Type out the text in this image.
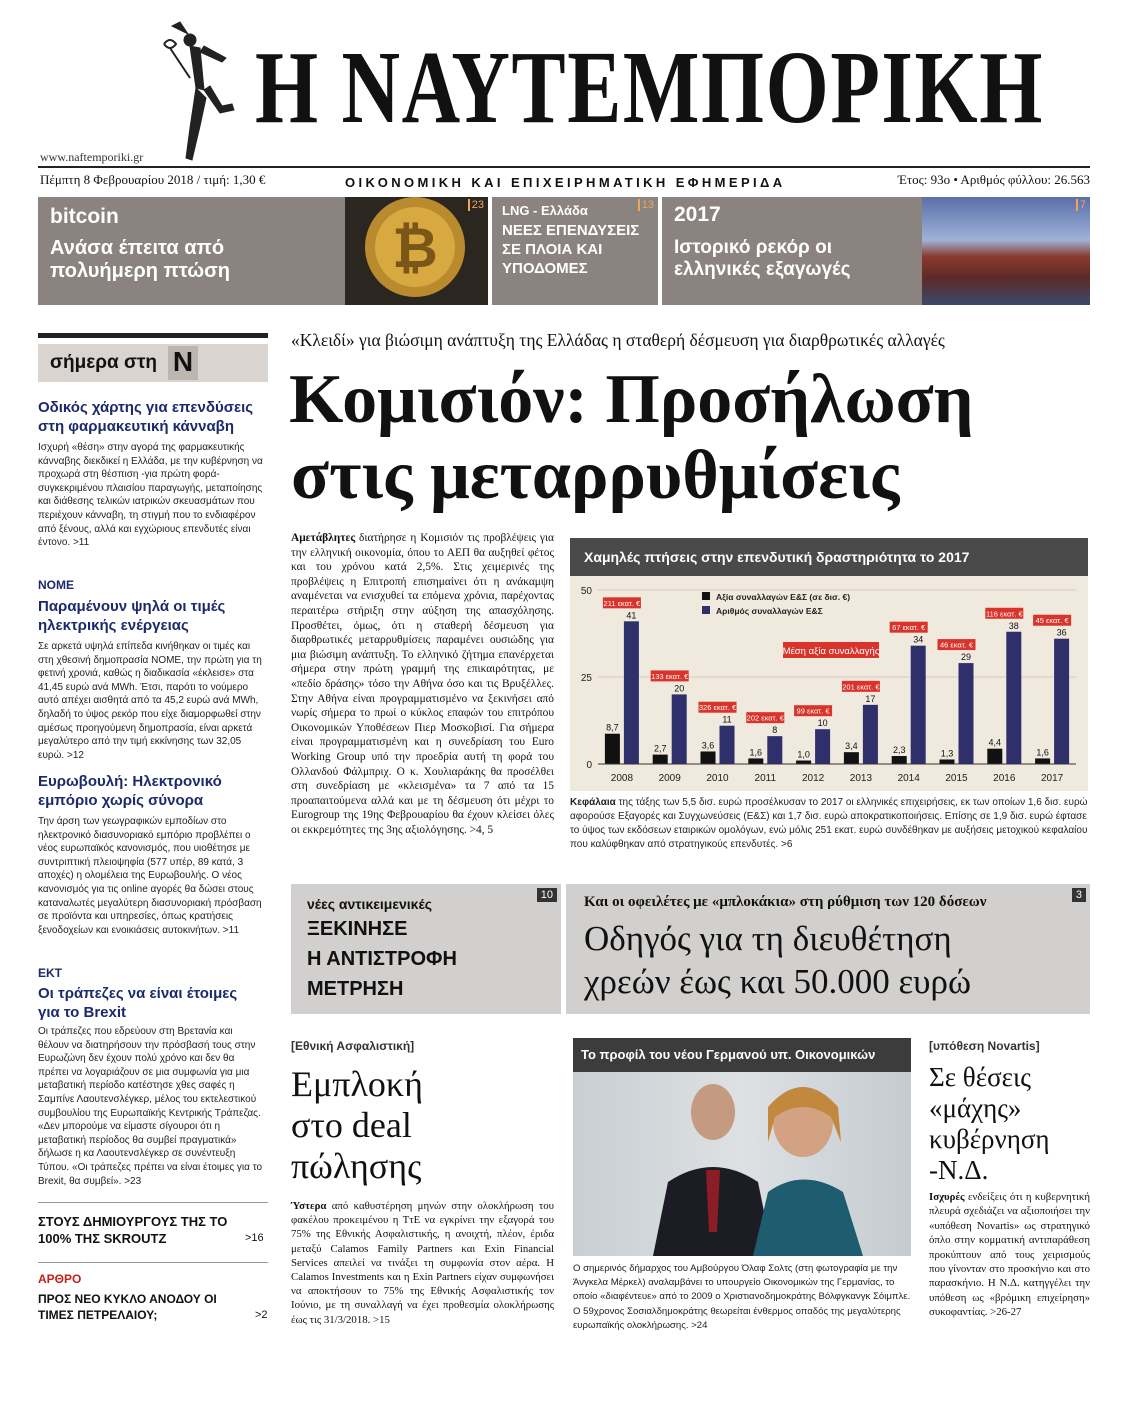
Η ΝΑΥΤΕΜΠΟΡΙΚΗ
www.naftemporiki.gr
Πέμπτη 8 Φεβρουαρίου 2018 / τιμή: 1,30 €	ΟΙΚΟΝΟΜΙΚΗ ΚΑΙ ΕΠΙΧΕΙΡΗΜΑΤΙΚΗ ΕΦΗΜΕΡΙΔΑ	Έτος: 93ο • Αριθμός φύλλου: 26.563
bitcoin
Ανάσα έπειτα από πολυήμερη πτώση	₿
23 LNG - Ελλάδα
ΝΕΕΣ ΕΠΕΝΔΥΣΕΙΣ ΣΕ ΠΛΟΙΑ ΚΑΙ ΥΠΟΔΟΜΕΣ
13 2017
Ιστορικό ρεκόρ οι ελληνικές εξαγωγές
7
σήμερα στη Ν
Οδικός χάρτης για επενδύσεις στη φαρμακευτική κάνναβη
Ισχυρή «θέση» στην αγορά της φαρμακευτικής κάνναβης διεκδικεί η Ελλάδα, με την κυβέρνηση να προχωρά στη θέσπιση -για πρώτη φορά- συγκεκριμένου πλαισίου παραγωγής, μεταποίησης και διάθεσης τελικών ιατρικών σκευασμάτων που περιέχουν κάνναβη, τη στιγμή που το ενδιαφέρον από ξένους, αλλά και εγχώριους επενδυτές είναι έντονο. >11
ΝΟΜΕ
Παραμένουν ψηλά οι τιμές ηλεκτρικής ενέργειας
Σε αρκετά υψηλά επίπεδα κινήθηκαν οι τιμές και στη χθεσινή δημοπρασία ΝΟΜΕ, την πρώτη για τη φετινή χρονιά, καθώς η διαδικασία «έκλεισε» στα 41,45 ευρώ ανά MWh. Έτσι, παρότι το νούμερο αυτό απέχει αισθητά από τα 45,2 ευρώ ανά MWh, δηλαδή το ύψος ρεκόρ που είχε διαμορφωθεί στην αμέσως προηγούμενη δημοπρασία, είναι αρκετά μεγαλύτερο από την τιμή εκκίνησης των 32,05 ευρώ. >12
Ευρωβουλή: Ηλεκτρονικό εμπόριο χωρίς σύνορα
Την άρση των γεωγραφικών εμποδίων στο ηλεκτρονικό διασυνοριακό εμπόριο προβλέπει ο νέος ευρωπαϊκός κανονισμός, που υιοθέτησε με συντριπτική πλειοψηφία (577 υπέρ, 89 κατά, 3 αποχές) η ολομέλεια της Ευρωβουλής. Ο νέος κανονισμός για τις online αγορές θα δώσει στους καταναλωτές μεγαλύτερη διασυνοριακή πρόσβαση σε προϊόντα και υπηρεσίες, όπως κρατήσεις ξενοδοχείων και ενοικιάσεις αυτοκινήτων. >11
ΕΚΤ
Οι τράπεζες να είναι έτοιμες για το Brexit
Οι τράπεζες που εδρεύουν στη Βρετανία και θέλουν να διατηρήσουν την πρόσβασή τους στην Ευρωζώνη δεν έχουν πολύ χρόνο και δεν θα πρέπει να λογαριάζουν σε μια συμφωνία για μια μεταβατική περίοδο κατέστησε χθες σαφές η Σαμπίνε Λαουτενσλέγκερ, μέλος του εκτελεστικού συμβουλίου της Ευρωπαϊκής Κεντρικής Τράπεζας. «Δεν μπορούμε να είμαστε σίγουροι ότι η μεταβατική περίοδος θα συμβεί πραγματικά» δήλωσε η κα Λαουτενσλέγκερ σε συνέντευξη Τύπου. «Οι τράπεζες πρέπει να είναι έτοιμες για το Brexit, θα συμβεί». >23
ΣΤΟΥΣ ΔΗΜΙΟΥΡΓΟΥΣ ΤΗΣ ΤΟ 100% ΤΗΣ SKROUTZ	>16
ΑΡΘΡΟ
ΠΡΟΣ ΝΕΟ ΚΥΚΛΟ ΑΝΟΔΟΥ ΟΙ ΤΙΜΕΣ ΠΕΤΡΕΛΑΙΟΥ;	>2
«Κλειδί» για βιώσιμη ανάπτυξη της Ελλάδας η σταθερή δέσμευση για διαρθρωτικές αλλαγές
Κομισιόν: Προσήλωση
στις μεταρρυθμίσεις
Αμετάβλητες διατήρησε η Κομισιόν τις προβλέψεις για την ελληνική οικονομία, όπου το ΑΕΠ θα αυξηθεί φέτος και του χρόνου κατά 2,5%. Στις χειμερινές της προβλέψεις η Επιτροπή επισημαίνει ότι η ανάκαμψη αναμένεται να ενισχυθεί τα επόμενα χρόνια, παρέχοντας περαιτέρω στήριξη στην αύξηση της απασχόλησης. Προσθέτει, όμως, ότι η σταθερή δέσμευση για διαρθρωτικές μεταρρυθμίσεις παραμένει ουσιώδης για μια βιώσιμη ανάπτυξη. Το ελληνικό ζήτημα επανέρχεται σήμερα στην πρώτη γραμμή της επικαιρότητας, με «πεδίο δράσης» τόσο την Αθήνα όσο και τις Βρυξέλλες. Στην Αθήνα είναι προγραμματισμένο να ξεκινήσει από νωρίς σήμερα το πρωί ο κύκλος επαφών του επιτρόπου Οικονομικών Υποθέσεων Πιερ Μοσκοβισί. Για σήμερα είναι προγραμματισμένη και η συνεδρίαση του Euro Working Group υπό την προεδρία αυτή τη φορά του Ολλανδού Φάλμπριχ. Ο κ. Χουλιαράκης θα προσέλθει στη συνεδρίαση με «κλεισμένα» τα 7 από τα 15 προαπαιτούμενα αλλά και με τη δέσμευση ότι μέχρι το Eurogroup της 19ης Φεβρουαρίου θα έχουν κλείσει όλες οι εκκρεμότητες της 3ης αξιολόγησης. >4, 5
Χαμηλές πτήσεις στην επενδυτική δραστηριότητα το 2017
50
25
0
8,7
41
211 εκατ. €
2008
2,7
20
133 εκατ. €
2009
3,6
11
326 εκατ. €
2010
1,6
8
202 εκατ. €
2011
1,0
10
99 εκατ. €
2012
3,4
17
201 εκατ. €
2013
2,3
34
67 εκατ. €
2014
1,3
29
46 εκατ. €
2015
4,4
38
116 εκατ. €
2016
1,6
36
45 εκατ. €
2017
Αξία συναλλαγών Ε&Σ (σε δισ. €)
Αριθμός συναλλαγών Ε&Σ
Μέση αξία συναλλαγής
Κεφάλαια της τάξης των 5,5 δισ. ευρώ προσέλκυσαν το 2017 οι ελληνικές επιχειρήσεις, εκ των οποίων 1,6 δισ. ευρώ αφορούσε Εξαγορές και Συγχωνεύσεις (Ε&Σ) και 1,7 δισ. ευρώ αποκρατικοποιήσεις. Επίσης σε 1,9 δισ. ευρώ έφτασε το ύψος των εκδόσεων εταιρικών ομολόγων, ενώ μόλις 251 εκατ. ευρώ συνδέθηκαν με αυξήσεις μετοχικού κεφαλαίου που καλύφθηκαν από στρατηγικούς επενδυτές. >6
νέες αντικειμενικές
ΞΕΚΙΝΗΣΕ
Η ΑΝΤΙΣΤΡΟΦΗ
ΜΕΤΡΗΣΗ
10 Και οι οφειλέτες με «μπλοκάκια» στη ρύθμιση των 120 δόσεων
Οδηγός για τη διευθέτηση
χρεών έως και 50.000 ευρώ
3
[Εθνική Ασφαλιστική]
Εμπλοκή
στο deal
πώλησης
Ύστερα από καθυστέρηση μηνών στην ολοκλήρωση του φακέλου προκειμένου η ΤτΕ να εγκρίνει την εξαγορά του 75% της Εθνικής Ασφαλιστικής, η ανοιχτή, πλέον, έριδα μεταξύ Calamos Family Partners και Exin Financial Services απειλεί να τινάξει τη συμφωνία στον αέρα. Η Calamos Investments και η Exin Partners είχαν συμφωνήσει να αποκτήσουν το 75% της Εθνικής Ασφαλιστικής τον Ιούνιο, με τη συναλλαγή να έχει προθεσμία ολοκλήρωσης έως τις 31/3/2018. >15
Το προφίλ του νέου Γερμανού υπ. Οικονομικών
Ο σημερινός δήμαρχος του Αμβούργου Όλαφ Σολτς (στη φωτογραφία με την Άνγκελα Μέρκελ) αναλαμβάνει το υπουργείο Οικονομικών της Γερμανίας, το οποίο «διαφέντευε» από το 2009 ο Χριστιανοδημοκράτης Βόλφγκανγκ Σόιμπλε. Ο 59χρονος Σοσιαλδημοκράτης θεωρείται ένθερμος οπαδός της μεγαλύτερης ευρωπαϊκής ολοκλήρωσης. >24
[υπόθεση Novartis]
Σε θέσεις «μάχης» κυβέρνηση -Ν.Δ.
Ισχυρές ενδείξεις ότι η κυβερνητική πλευρά σχεδιάζει να αξιοποιήσει την «υπόθεση Novartis» ως στρατηγικό όπλο στην κομματική αντιπαράθεση προκύπτουν από τους χειρισμούς που γίνονταν στο προσκήνιο και στο παρασκήνιο. Η Ν.Δ. κατηγγέλει την υπόθεση ως «βρόμικη επιχείρηση» συκοφαντίας. >26-27
